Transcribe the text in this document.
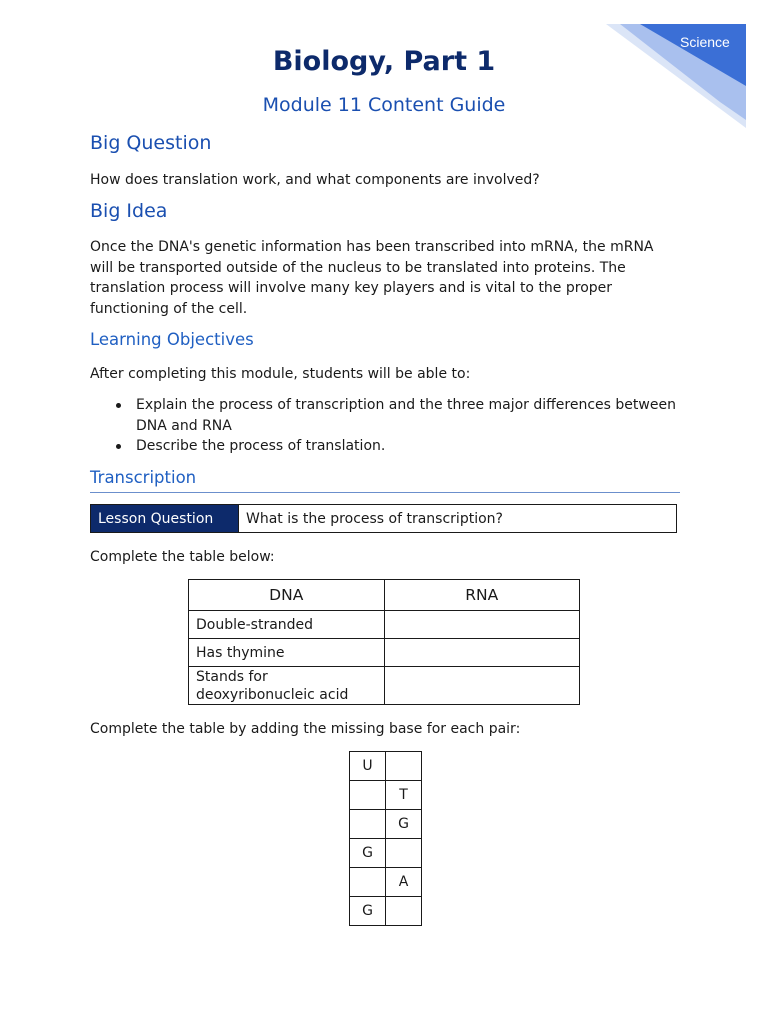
Science
Biology, Part 1
Module 11 Content Guide
Big Question
How does translation work, and what components are involved?
Big Idea
Once the DNA's genetic information has been transcribed into mRNA, the mRNA will be transported outside of the nucleus to be translated into proteins. The translation process will involve many key players and is vital to the proper functioning of the cell.
Learning Objectives
After completing this module, students will be able to:
Explain the process of transcription and the three major differences between DNA and RNA
Describe the process of translation.
Transcription
Lesson Question	What is the process of transcription?
Complete the table below:
DNA	RNA
Double-stranded	
Has thymine	
Stands for deoxyribonucleic acid	
Complete the table by adding the missing base for each pair:
U	
	T
	G
G	
	A
G	
